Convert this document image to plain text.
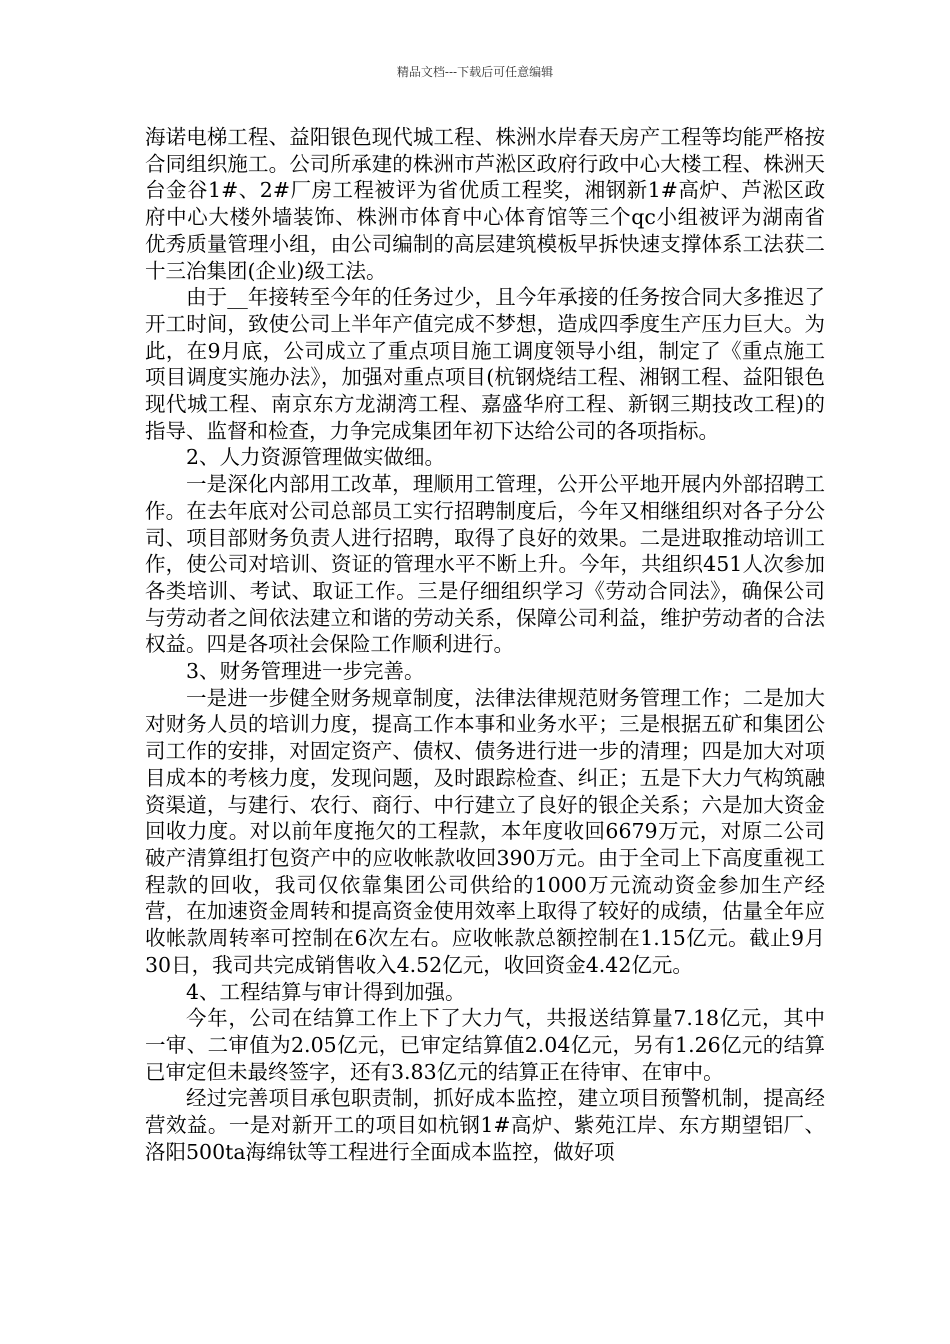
精品文档---下载后可任意编辑

海诺电梯工程、益阳银色现代城工程、株洲水岸春天房产工程等均能严格按合同组织施工。公司所承建的株洲市芦淞区政府行政中心大楼工程、株洲天台金谷1#、2#厂房工程被评为省优质工程奖，湘钢新1#高炉、芦淞区政府中心大楼外墙装饰、株洲市体育中心体育馆等三个qc小组被评为湖南省优秀质量管理小组，由公司编制的高层建筑模板早拆快速支撑体系工法获二十三冶集团(企业)级工法。

由于__年接转至今年的任务过少，且今年承接的任务按合同大多推迟了开工时间，致使公司上半年产值完成不梦想，造成四季度生产压力巨大。为此，在9月底，公司成立了重点项目施工调度领导小组，制定了《重点施工项目调度实施办法》，加强对重点项目(杭钢烧结工程、湘钢工程、益阳银色现代城工程、南京东方龙湖湾工程、嘉盛华府工程、新钢三期技改工程)的指导、监督和检查，力争完成集团年初下达给公司的各项指标。

2、人力资源管理做实做细。

一是深化内部用工改革，理顺用工管理，公开公平地开展内外部招聘工作。在去年底对公司总部员工实行招聘制度后，今年又相继组织对各子分公司、项目部财务负责人进行招聘，取得了良好的效果。二是进取推动培训工作，使公司对培训、资证的管理水平不断上升。今年，共组织451人次参加各类培训、考试、取证工作。三是仔细组织学习《劳动合同法》，确保公司与劳动者之间依法建立和谐的劳动关系，保障公司利益，维护劳动者的合法权益。四是各项社会保险工作顺利进行。

3、财务管理进一步完善。

一是进一步健全财务规章制度，法律法律规范财务管理工作；二是加大对财务人员的培训力度，提高工作本事和业务水平；三是根据五矿和集团公司工作的安排，对固定资产、债权、债务进行进一步的清理；四是加大对项目成本的考核力度，发现问题，及时跟踪检查、纠正；五是下大力气构筑融资渠道，与建行、农行、商行、中行建立了良好的银企关系；六是加大资金回收力度。对以前年度拖欠的工程款，本年度收回6679万元，对原二公司破产清算组打包资产中的应收帐款收回390万元。由于全司上下高度重视工程款的回收，我司仅依靠集团公司供给的1000万元流动资金参加生产经营，在加速资金周转和提高资金使用效率上取得了较好的成绩，估量全年应收帐款周转率可控制在6次左右。应收帐款总额控制在1.15亿元。截止9月30日，我司共完成销售收入4.52亿元，收回资金4.42亿元。

4、工程结算与审计得到加强。

今年，公司在结算工作上下了大力气，共报送结算量7.18亿元，其中一审、二审值为2.05亿元，已审定结算值2.04亿元，另有1.26亿元的结算已审定但未最终签字，还有3.83亿元的结算正在待审、在审中。

经过完善项目承包职责制，抓好成本监控，建立项目预警机制，提高经营效益。一是对新开工的项目如杭钢1#高炉、紫苑江岸、东方期望铝厂、洛阳500ta海绵钛等工程进行全面成本监控，做好项
